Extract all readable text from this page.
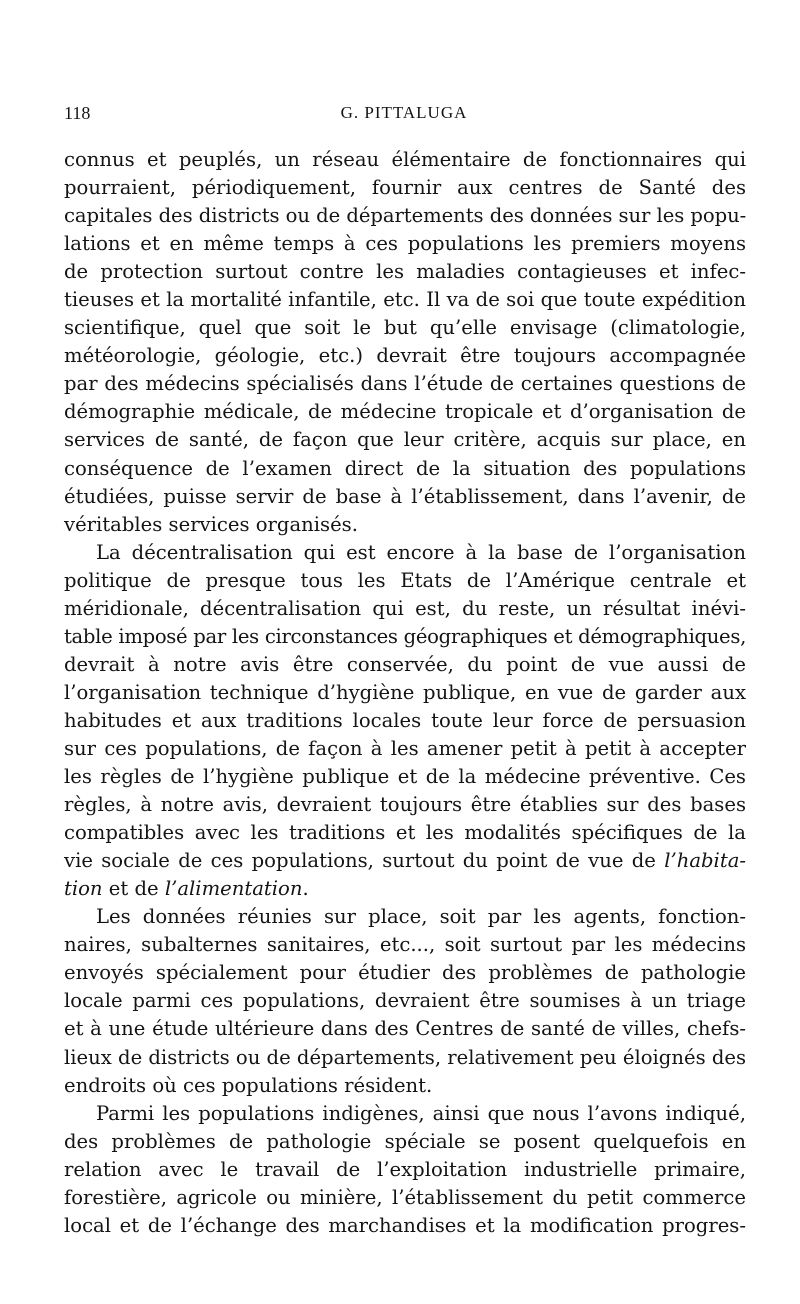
118	G. PITTALUGA
connus et peuplés, un réseau élémentaire de fonctionnaires qui
pourraient, périodiquement, fournir aux centres de Santé des
capitales des districts ou de départements des données sur les popu-
lations et en même temps à ces populations les premiers moyens
de protection surtout contre les maladies contagieuses et infec-
tieuses et la mortalité infantile, etc. Il va de soi que toute expédition
scientifique, quel que soit le but qu’elle envisage (climatologie,
météorologie, géologie, etc.) devrait être toujours accompagnée
par des médecins spécialisés dans l’étude de certaines questions de
démographie médicale, de médecine tropicale et d’organisation de
services de santé, de façon que leur critère, acquis sur place, en
conséquence de l’examen direct de la situation des populations
étudiées, puisse servir de base à l’établissement, dans l’avenir, de
véritables services organisés.
La décentralisation qui est encore à la base de l’organisation
politique de presque tous les Etats de l’Amérique centrale et
méridionale, décentralisation qui est, du reste, un résultat inévi-
table imposé par les circonstances géographiques et démographiques,
devrait à notre avis être conservée, du point de vue aussi de
l’organisation technique d’hygiène publique, en vue de garder aux
habitudes et aux traditions locales toute leur force de persuasion
sur ces populations, de façon à les amener petit à petit à accepter
les règles de l’hygiène publique et de la médecine préventive. Ces
règles, à notre avis, devraient toujours être établies sur des bases
compatibles avec les traditions et les modalités spécifiques de la
vie sociale de ces populations, surtout du point de vue de l’habita-
tion et de l’alimentation.
Les données réunies sur place, soit par les agents, fonction-
naires, subalternes sanitaires, etc..., soit surtout par les médecins
envoyés spécialement pour étudier des problèmes de pathologie
locale parmi ces populations, devraient être soumises à un triage
et à une étude ultérieure dans des Centres de santé de villes, chefs-
lieux de districts ou de départements, relativement peu éloignés des
endroits où ces populations résident.
Parmi les populations indigènes, ainsi que nous l’avons indiqué,
des problèmes de pathologie spéciale se posent quelquefois en
relation avec le travail de l’exploitation industrielle primaire,
forestière, agricole ou minière, l’établissement du petit commerce
local et de l’échange des marchandises et la modification progres-
